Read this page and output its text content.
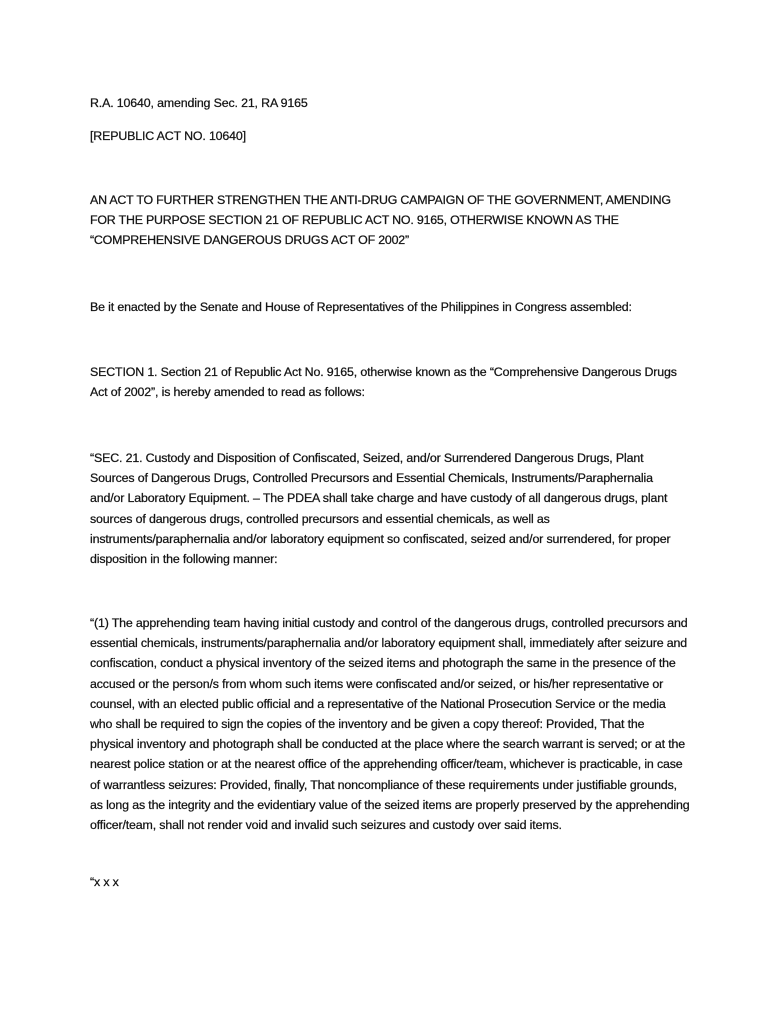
R.A. 10640, amending Sec. 21, RA 9165

[REPUBLIC ACT NO. 10640]

AN ACT TO FURTHER STRENGTHEN THE ANTI-DRUG CAMPAIGN OF THE GOVERNMENT, AMENDING FOR THE PURPOSE SECTION 21 OF REPUBLIC ACT NO. 9165, OTHERWISE KNOWN AS THE “COMPREHENSIVE DANGEROUS DRUGS ACT OF 2002”

Be it enacted by the Senate and House of Representatives of the Philippines in Congress assembled:

SECTION 1. Section 21 of Republic Act No. 9165, otherwise known as the “Comprehensive Dangerous Drugs Act of 2002”, is hereby amended to read as follows:

“SEC. 21. Custody and Disposition of Confiscated, Seized, and/or Surrendered Dangerous Drugs, Plant Sources of Dangerous Drugs, Controlled Precursors and Essential Chemicals, Instruments/Paraphernalia and/or Laboratory Equipment. – The PDEA shall take charge and have custody of all dangerous drugs, plant sources of dangerous drugs, controlled precursors and essential chemicals, as well as instruments/paraphernalia and/or laboratory equipment so confiscated, seized and/or surrendered, for proper disposition in the following manner:

“(1) The apprehending team having initial custody and control of the dangerous drugs, controlled precursors and essential chemicals, instruments/paraphernalia and/or laboratory equipment shall, immediately after seizure and confiscation, conduct a physical inventory of the seized items and photograph the same in the presence of the accused or the person/s from whom such items were confiscated and/or seized, or his/her representative or counsel, with an elected public official and a representative of the National Prosecution Service or the media who shall be required to sign the copies of the inventory and be given a copy thereof: Provided, That the physical inventory and photograph shall be conducted at the place where the search warrant is served; or at the nearest police station or at the nearest office of the apprehending officer/team, whichever is practicable, in case of warrantless seizures: Provided, finally, That noncompliance of these requirements under justifiable grounds, as long as the integrity and the evidentiary value of the seized items are properly preserved by the apprehending officer/team, shall not render void and invalid such seizures and custody over said items.

“x x x
